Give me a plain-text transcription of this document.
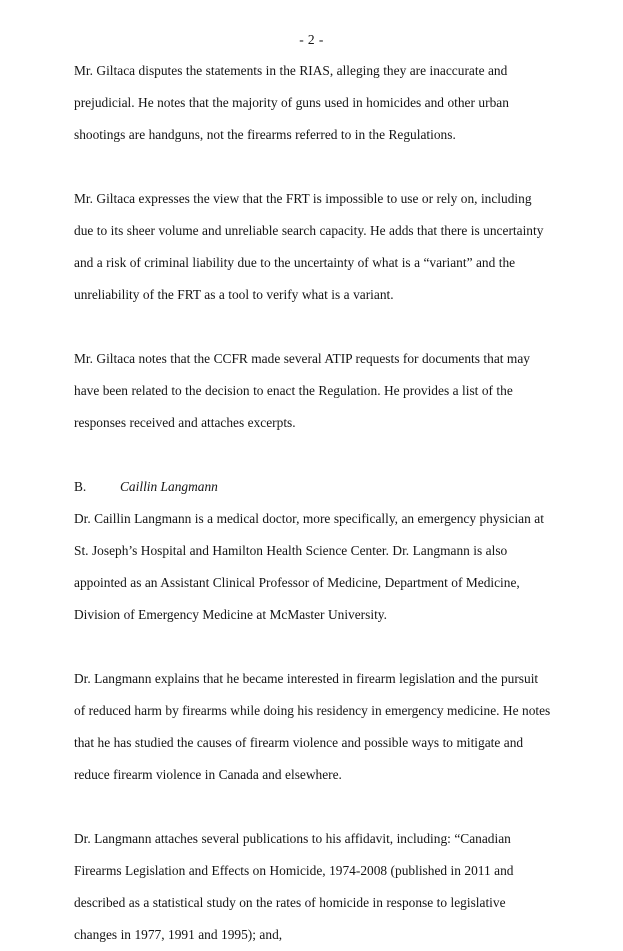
- 2 -

Mr. Giltaca disputes the statements in the RIAS, alleging they are inaccurate and prejudicial. He notes that the majority of guns used in homicides and other urban shootings are handguns, not the firearms referred to in the Regulations.

Mr. Giltaca expresses the view that the FRT is impossible to use or rely on, including due to its sheer volume and unreliable search capacity. He adds that there is uncertainty and a risk of criminal liability due to the uncertainty of what is a “variant” and the unreliability of the FRT as a tool to verify what is a variant.

Mr. Giltaca notes that the CCFR made several ATIP requests for documents that may have been related to the decision to enact the Regulation. He provides a list of the responses received and attaches excerpts.

B.	Caillin Langmann

Dr. Caillin Langmann is a medical doctor, more specifically, an emergency physician at St. Joseph’s Hospital and Hamilton Health Science Center. Dr. Langmann is also appointed as an Assistant Clinical Professor of Medicine, Department of Medicine, Division of Emergency Medicine at McMaster University.

Dr. Langmann explains that he became interested in firearm legislation and the pursuit of reduced harm by firearms while doing his residency in emergency medicine. He notes that he has studied the causes of firearm violence and possible ways to mitigate and reduce firearm violence in Canada and elsewhere.

Dr. Langmann attaches several publications to his affidavit, including: “Canadian Firearms Legislation and Effects on Homicide, 1974-2008 (published in 2011 and described as a statistical study on the rates of homicide in response to legislative changes in 1977, 1991 and 1995); and,
